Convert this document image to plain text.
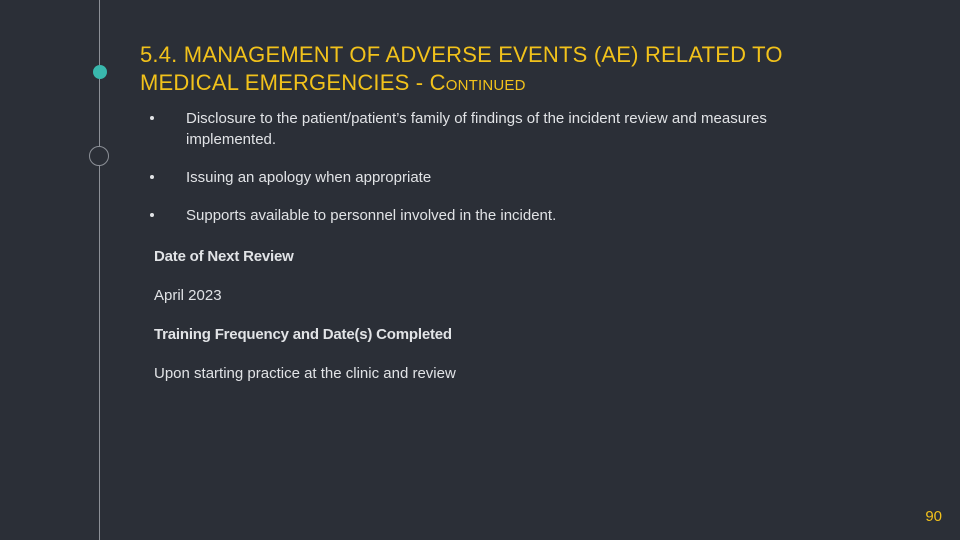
5.4. MANAGEMENT OF ADVERSE EVENTS (AE) RELATED TO MEDICAL EMERGENCIES - Continued
Disclosure to the patient/patient’s family of findings of the incident review and measures implemented.
Issuing an apology when appropriate
Supports available to personnel involved in the incident.

Date of Next Review

April 2023

Training Frequency and Date(s) Completed

Upon starting practice at the clinic and review

90
